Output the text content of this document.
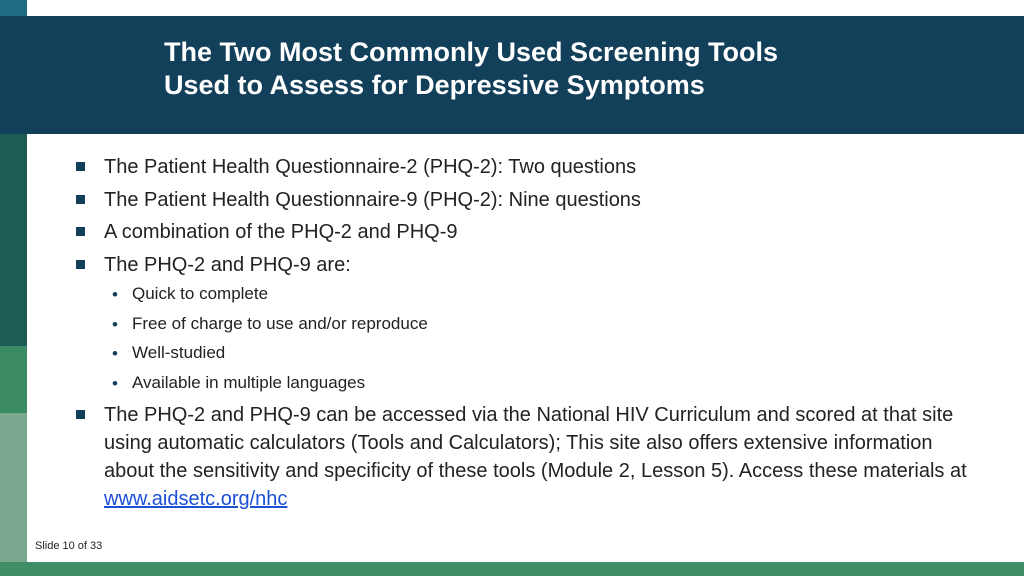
The Two Most Commonly Used Screening Tools
Used to Assess for Depressive Symptoms
The Patient Health Questionnaire-2 (PHQ-2): Two questions
The Patient Health Questionnaire-9 (PHQ-2): Nine questions
A combination of the PHQ-2 and PHQ-9
The PHQ-2 and PHQ-9 are:
• Quick to complete
• Free of charge to use and/or reproduce
• Well-studied
• Available in multiple languages
The PHQ-2 and PHQ-9 can be accessed via the National HIV Curriculum and scored at that site using automatic calculators (Tools and Calculators); This site also offers extensive information about the sensitivity and specificity of these tools (Module 2, Lesson 5). Access these materials at www.aidsetc.org/nhc
Slide 10 of 33
